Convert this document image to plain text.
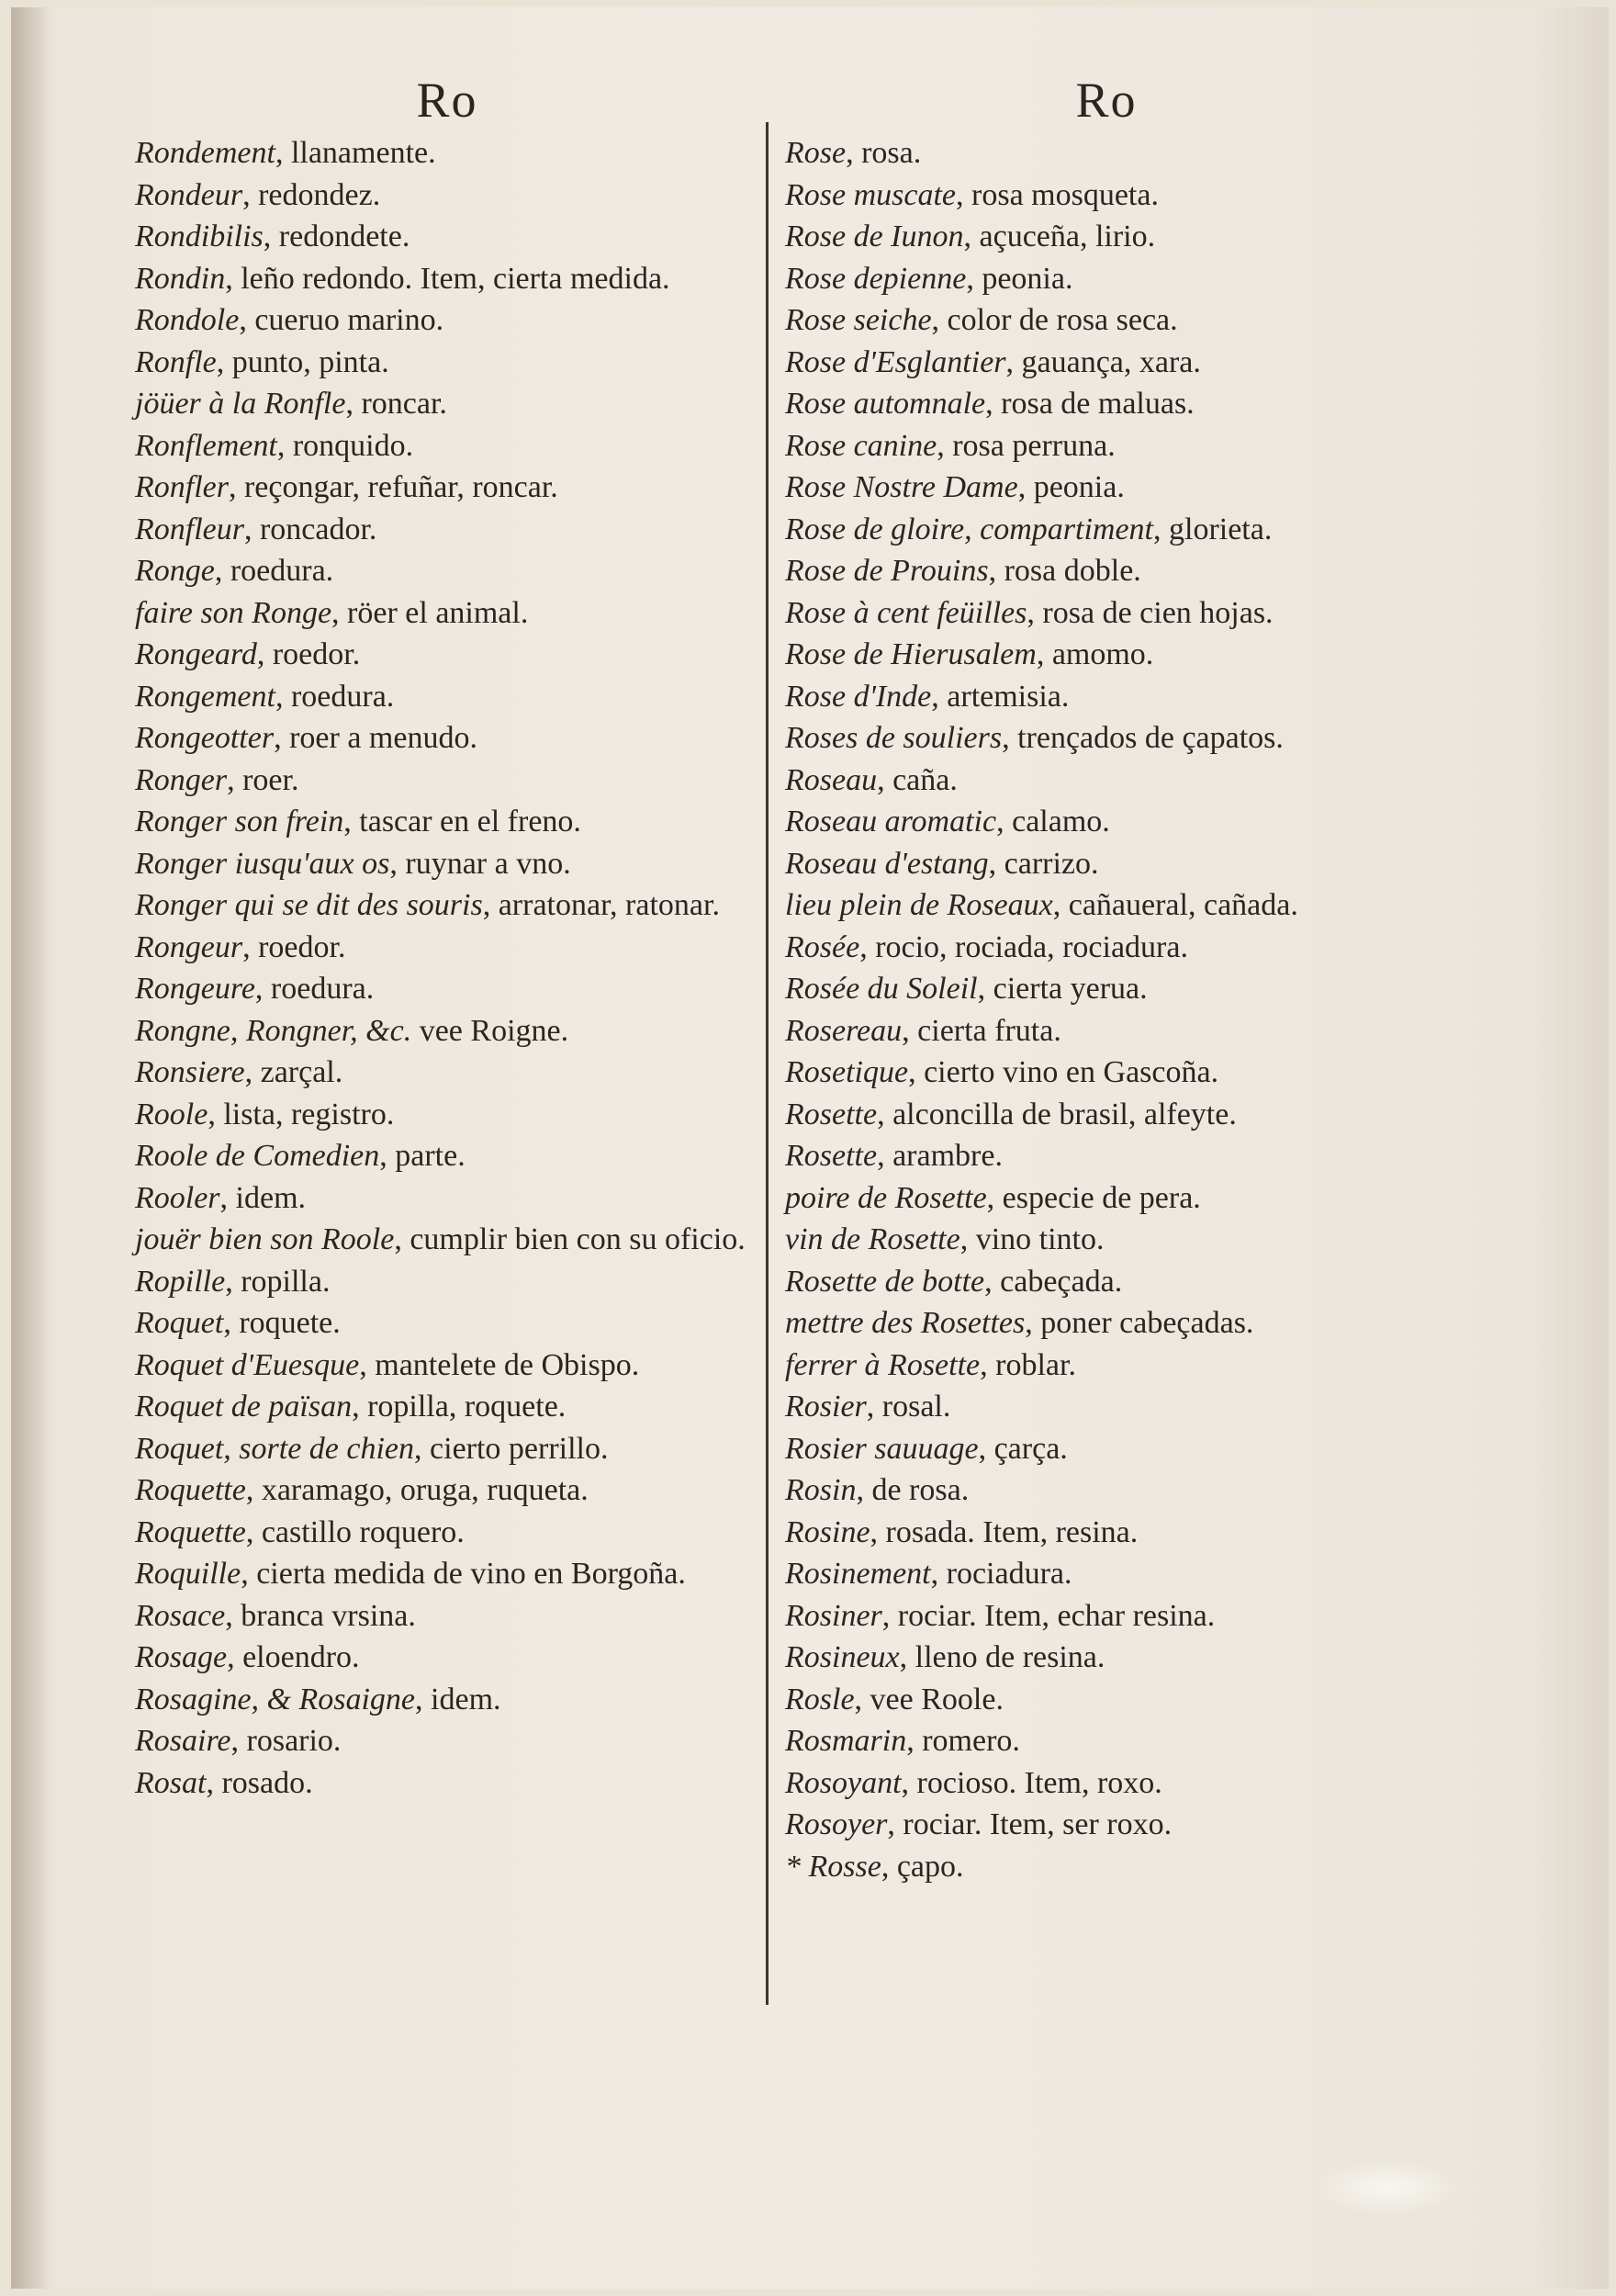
Ro
Rondement, llanamente.
Rondeur, redondez.
Rondibilis, redondete.
Rondin, leño redondo. Item, cierta medida.
Rondole, cueruo marino.
Ronfle, punto, pinta.
jöüer à la Ronfle, roncar.
Ronflement, ronquido.
Ronfler, reçongar, refuñar, roncar.
Ronfleur, roncador.
Ronge, roedura.
faire son Ronge, röer el animal.
Rongeard, roedor.
Rongement, roedura.
Rongeotter, roer a menudo.
Ronger, roer.
Ronger son frein, tascar en el freno.
Ronger iusqu'aux os, ruynar a vno.
Ronger qui se dit des souris, arratonar, ratonar.
Rongeur, roedor.
Rongeure, roedura.
Rongne, Rongner, &c. vee Roigne.
Ronsiere, zarçal.
Roole, lista, registro.
Roole de Comedien, parte.
Rooler, idem.
jouër bien son Roole, cumplir bien con su oficio.
Ropille, ropilla.
Roquet, roquete.
Roquet d'Euesque, mantelete de Obispo.
Roquet de païsan, ropilla, roquete.
Roquet, sorte de chien, cierto perrillo.
Roquette, xaramago, oruga, ruqueta.
Roquette, castillo roquero.
Roquille, cierta medida de vino en Borgoña.
Rosace, branca vrsina.
Rosage, eloendro.
Rosagine, & Rosaigne, idem.
Rosaire, rosario.
Rosat, rosado.
Ro
Rose, rosa.
Rose muscate, rosa mosqueta.
Rose de Iunon, açuceña, lirio.
Rose depienne, peonia.
Rose seiche, color de rosa seca.
Rose d'Esglantier, gauança, xara.
Rose automnale, rosa de maluas.
Rose canine, rosa perruna.
Rose Nostre Dame, peonia.
Rose de gloire, compartiment, glorieta.
Rose de Prouins, rosa doble.
Rose à cent feüilles, rosa de cien hojas.
Rose de Hierusalem, amomo.
Rose d'Inde, artemisia.
Roses de souliers, trençados de çapatos.
Roseau, caña.
Roseau aromatic, calamo.
Roseau d'estang, carrizo.
lieu plein de Roseaux, cañaueral, cañada.
Rosée, rocio, rociada, rociadura.
Rosée du Soleil, cierta yerua.
Rosereau, cierta fruta.
Rosetique, cierto vino en Gascoña.
Rosette, alconcilla de brasil, alfeyte.
Rosette, arambre.
poire de Rosette, especie de pera.
vin de Rosette, vino tinto.
Rosette de botte, cabeçada.
mettre des Rosettes, poner cabeçadas.
ferrer à Rosette, roblar.
Rosier, rosal.
Rosier sauuage, çarça.
Rosin, de rosa.
Rosine, rosada. Item, resina.
Rosinement, rociadura.
Rosiner, rociar. Item, echar resina.
Rosineux, lleno de resina.
Rosle, vee Roole.
Rosmarin, romero.
Rosoyant, rocioso. Item, roxo.
Rosoyer, rociar. Item, ser roxo.
* Rosse, çapo.
